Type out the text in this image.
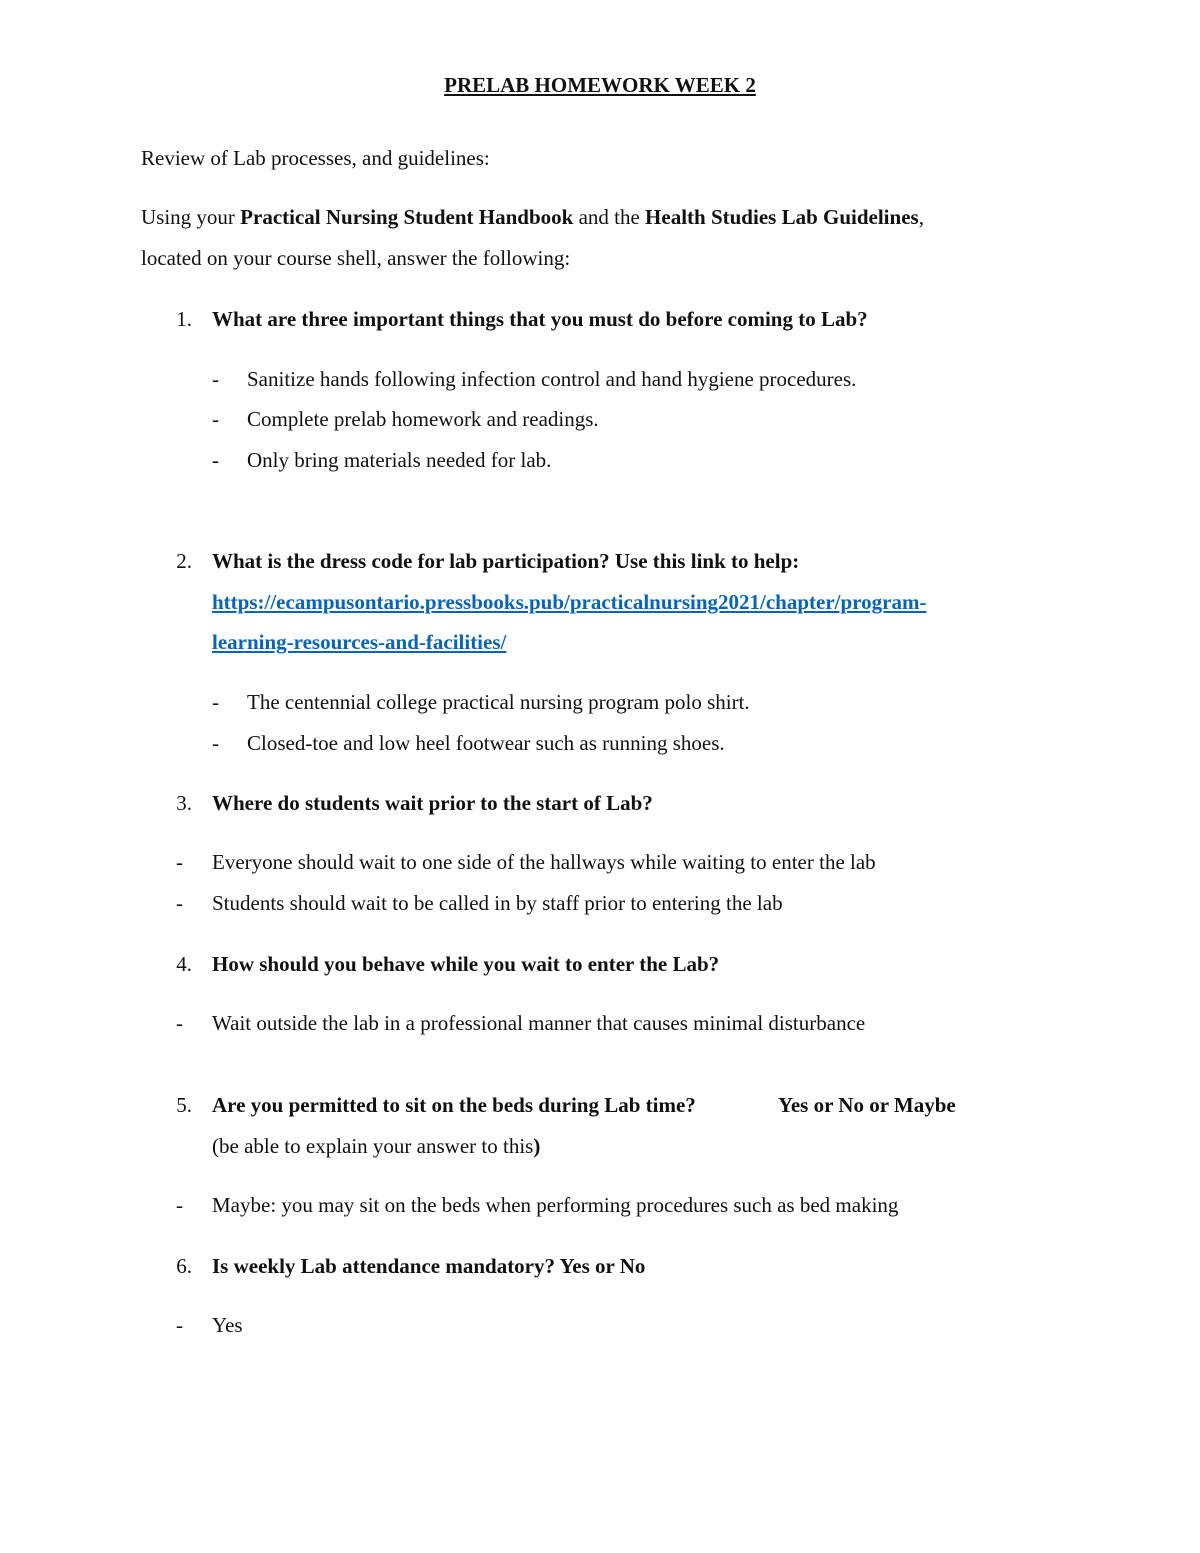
PRELAB HOMEWORK WEEK 2
Review of Lab processes, and guidelines:
Using your Practical Nursing Student Handbook and the Health Studies Lab Guidelines,
located on your course shell, answer the following:
1. What are three important things that you must do before coming to Lab?
- Sanitize hands following infection control and hand hygiene procedures.
- Complete prelab homework and readings.
- Only bring materials needed for lab.
2. What is the dress code for lab participation? Use this link to help:
https://ecampusontario.pressbooks.pub/practicalnursing2021/chapter/program-
learning-resources-and-facilities/
- The centennial college practical nursing program polo shirt.
- Closed-toe and low heel footwear such as running shoes.
3. Where do students wait prior to the start of Lab?
- Everyone should wait to one side of the hallways while waiting to enter the lab
- Students should wait to be called in by staff prior to entering the lab
4. How should you behave while you wait to enter the Lab?
- Wait outside the lab in a professional manner that causes minimal disturbance
5. Are you permitted to sit on the beds during Lab time?	Yes or No or Maybe
(be able to explain your answer to this)
- Maybe: you may sit on the beds when performing procedures such as bed making
6. Is weekly Lab attendance mandatory? Yes or No
- Yes
